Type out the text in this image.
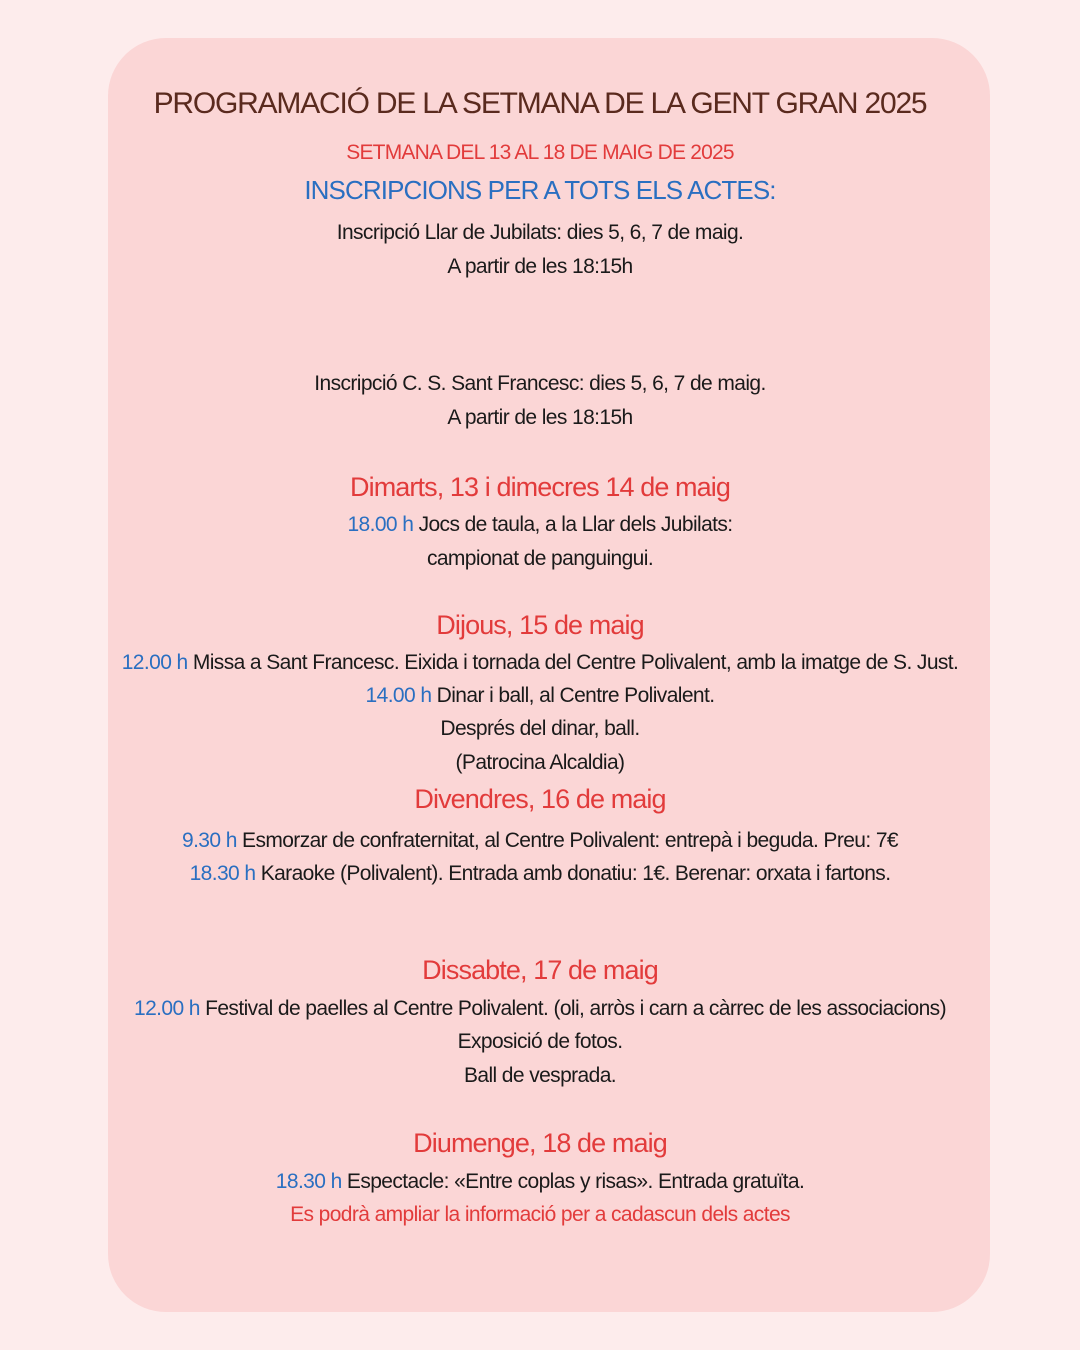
PROGRAMACIÓ DE LA SETMANA DE LA GENT GRAN 2025
SETMANA DEL 13 AL 18 DE MAIG DE 2025
INSCRIPCIONS PER A TOTS ELS ACTES:
Inscripció Llar de Jubilats: dies 5, 6, 7 de maig.
A partir de les 18:15h
Inscripció C. S. Sant Francesc: dies 5, 6, 7 de maig.
A partir de les 18:15h
Dimarts, 13 i dimecres 14 de maig
18.00 h Jocs de taula, a la Llar dels Jubilats:
campionat de panguingui.
Dijous, 15 de maig
12.00 h Missa a Sant Francesc. Eixida i tornada del Centre Polivalent, amb la imatge de S. Just.
14.00 h Dinar i ball, al Centre Polivalent.
Després del dinar, ball.
(Patrocina Alcaldia)
Divendres, 16 de maig
9.30 h Esmorzar de confraternitat, al Centre Polivalent: entrepà i beguda. Preu: 7€
18.30 h Karaoke (Polivalent). Entrada amb donatiu: 1€. Berenar: orxata i fartons.
Dissabte, 17 de maig
12.00 h Festival de paelles al Centre Polivalent. (oli, arròs i carn a càrrec de les associacions)
Exposició de fotos.
Ball de vesprada.
Diumenge, 18 de maig
18.30 h Espectacle: «Entre coplas y risas». Entrada gratuïta.
Es podrà ampliar la informació per a cadascun dels actes
